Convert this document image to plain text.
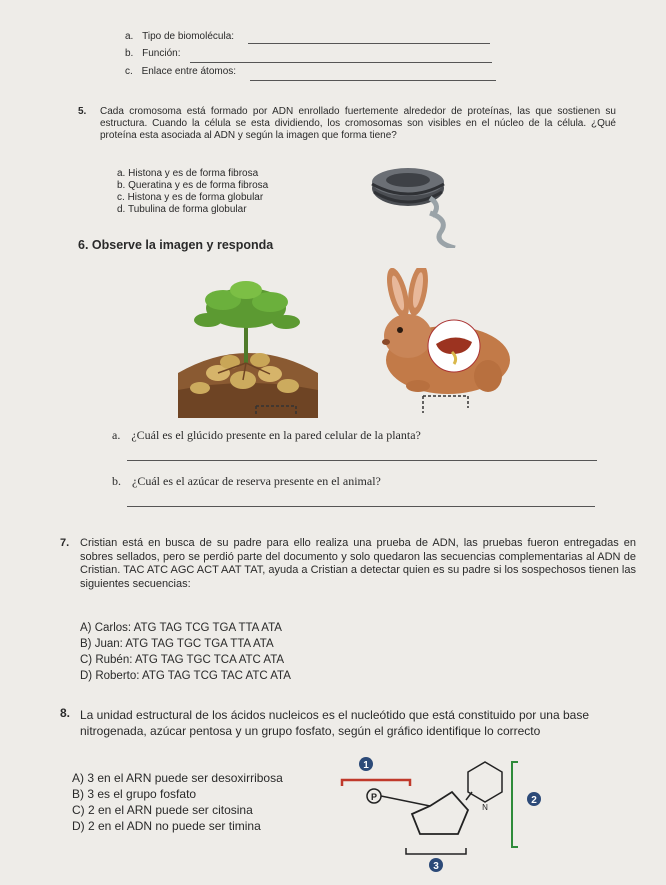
a. Tipo de biomolécula:
b. Función:
c. Enlace entre átomos:
5. Cada cromosoma está formado por ADN enrollado fuertemente alrededor de proteínas, las que sostienen su estructura. Cuando la célula se esta dividiendo, los cromosomas son visibles en el núcleo de la célula. ¿Qué proteína esta asociada al ADN y según la imagen que forma tiene?
a. Histona y es de forma fibrosa
b. Queratina y es de forma fibrosa
c. Histona y es de forma globular
d. Tubulina de forma globular
6. Observe la imagen y responda
a. ¿Cuál es el glúcido presente en la pared celular de la planta?
b. ¿Cuál es el azúcar de reserva presente en el animal?
7. Cristian está en busca de su padre para ello realiza una prueba de ADN, las pruebas fueron entregadas en sobres sellados, pero se perdió parte del documento y solo quedaron las secuencias complementarias al ADN de Cristian. TAC ATC AGC ACT AAT TAT, ayuda a Cristian a detectar quien es su padre si los sospechosos tienen las siguientes secuencias:
A) Carlos: ATG TAG TCG TGA TTA ATA
B) Juan: ATG TAG TGC TGA TTA ATA
C) Rubén: ATG TAG TGC TCA ATC ATA
D) Roberto: ATG TAG TCG TAC ATC ATA
8. La unidad estructural de los ácidos nucleicos es el nucleótido que está constituido por una base nitrogenada, azúcar pentosa y un grupo fosfato, según el gráfico identifique lo correcto
A) 3 en el ARN puede ser desoxirribosa
B) 3 es el grupo fosfato
C) 2 en el ARN puede ser citosina
D) 2 en el ADN no puede ser timina
1
P
N
2
3
